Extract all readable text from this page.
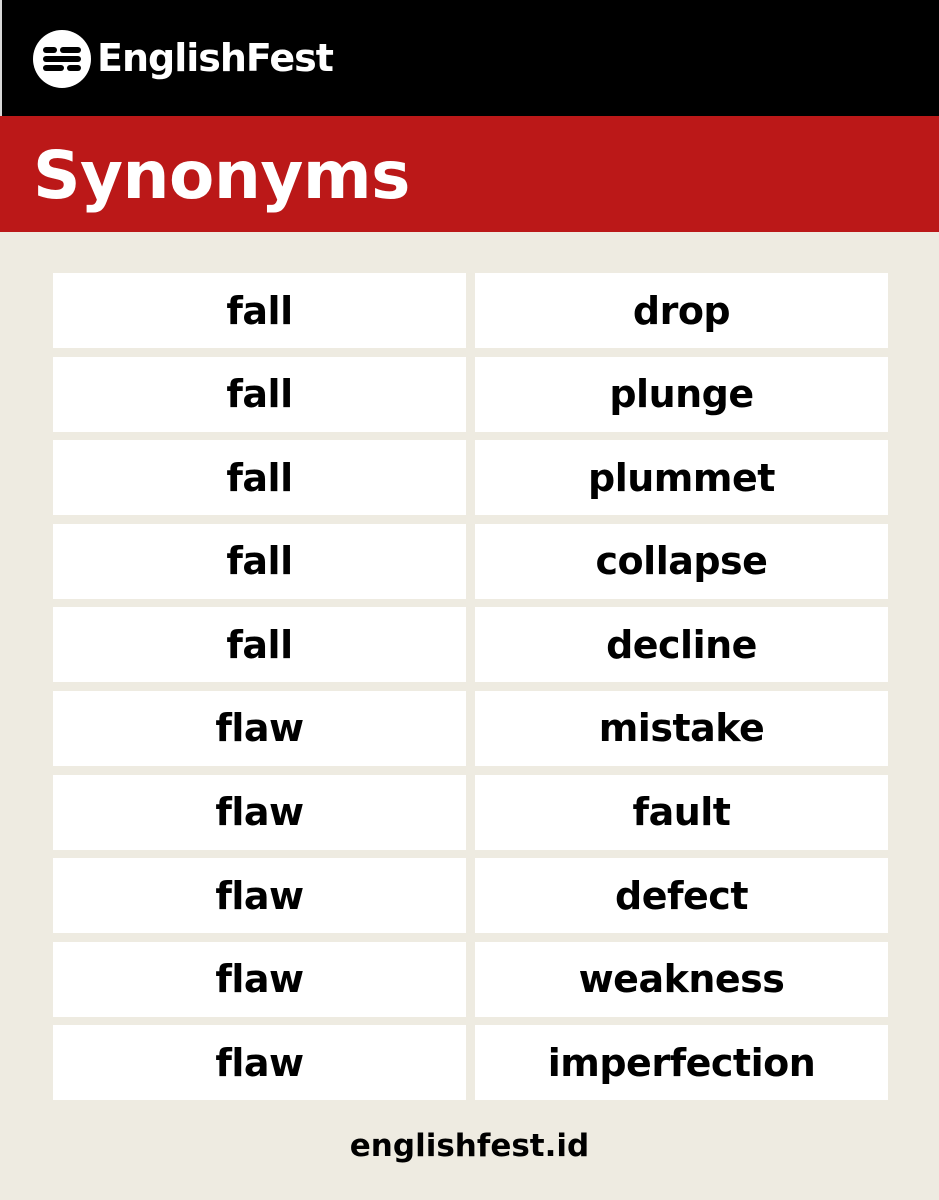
EnglishFest
Synonyms
fall	drop
fall	plunge
fall	plummet
fall	collapse
fall	decline
flaw	mistake
flaw	fault
flaw	defect
flaw	weakness
flaw	imperfection
englishfest.id
